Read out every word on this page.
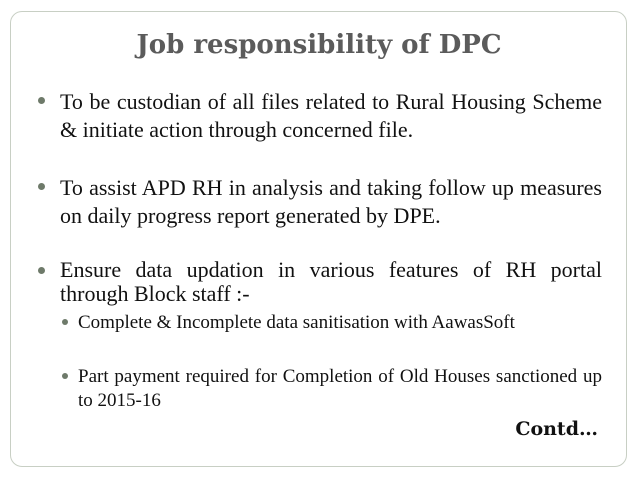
Job responsibility of DPC
To be custodian of all files related to Rural Housing Scheme & initiate action through concerned file.
To assist APD RH in analysis and taking follow up measures on daily progress report generated by DPE.
Ensure data updation in various features of RH portal through Block staff :-
Complete & Incomplete data sanitisation with AawasSoft
Part payment required for Completion of Old Houses sanctioned up to 2015-16
Contd…
